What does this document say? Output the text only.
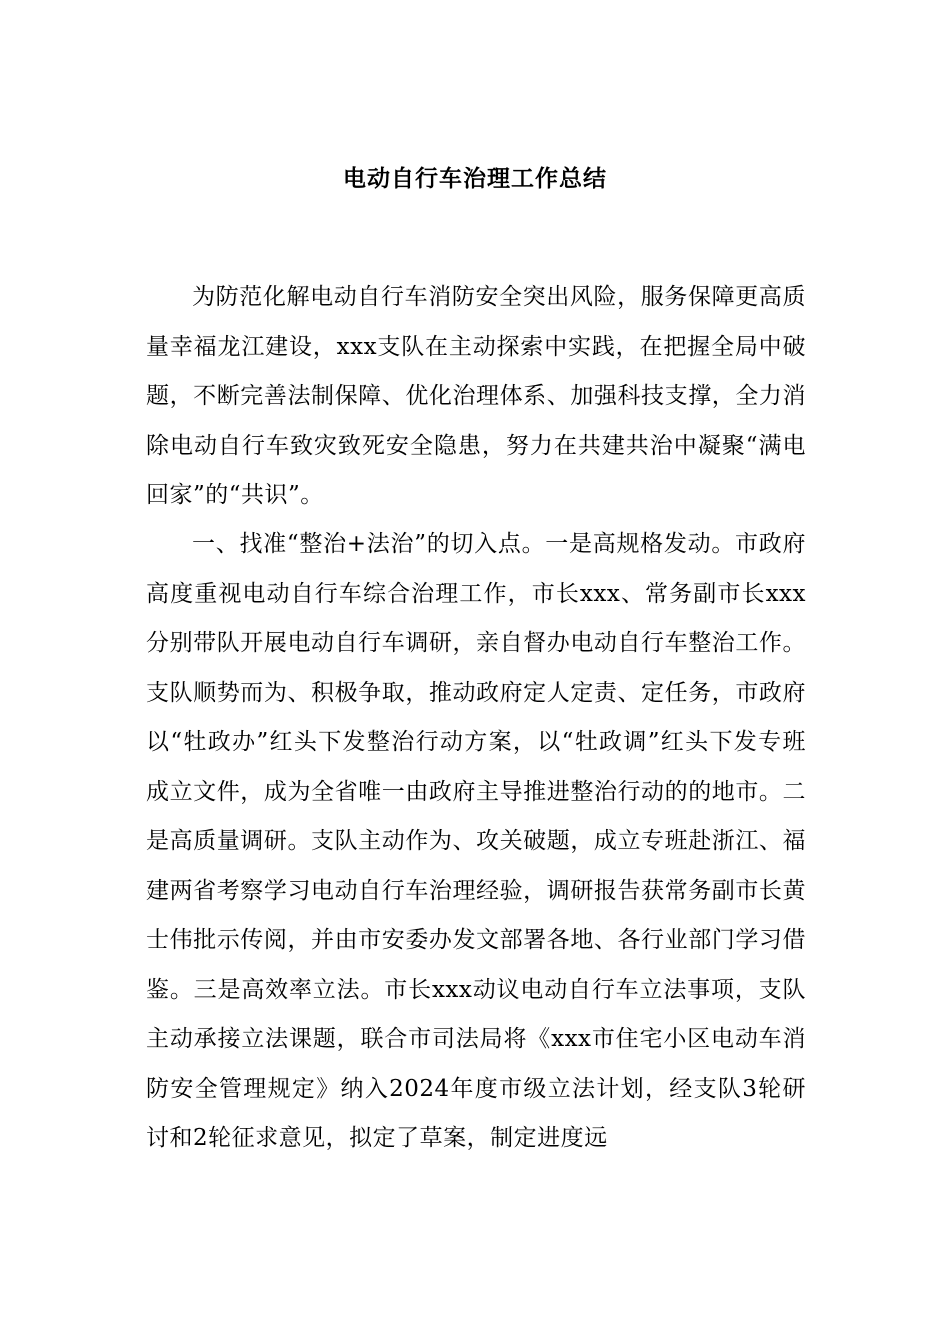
电动自行车治理工作总结

为防范化解电动自行车消防安全突出风险，服务保障更高质量幸福龙江建设，xxx支队在主动探索中实践，在把握全局中破题，不断完善法制保障、优化治理体系、加强科技支撑，全力消除电动自行车致灾致死安全隐患，努力在共建共治中凝聚“满电回家”的“共识”。

一、找准“整治+法治”的切入点。一是高规格发动。市政府高度重视电动自行车综合治理工作，市长xxx、常务副市长xxx分别带队开展电动自行车调研，亲自督办电动自行车整治工作。支队顺势而为、积极争取，推动政府定人定责、定任务，市政府以“牡政办”红头下发整治行动方案，以“牡政调”红头下发专班成立文件，成为全省唯一由政府主导推进整治行动的的地市。二是高质量调研。支队主动作为、攻关破题，成立专班赴浙江、福建两省考察学习电动自行车治理经验，调研报告获常务副市长黄士伟批示传阅，并由市安委办发文部署各地、各行业部门学习借鉴。三是高效率立法。市长xxx动议电动自行车立法事项，支队主动承接立法课题，联合市司法局将《xxx市住宅小区电动车消防安全管理规定》纳入2024年度市级立法计划，经支队3轮研讨和2轮征求意见，拟定了草案，制定进度远
